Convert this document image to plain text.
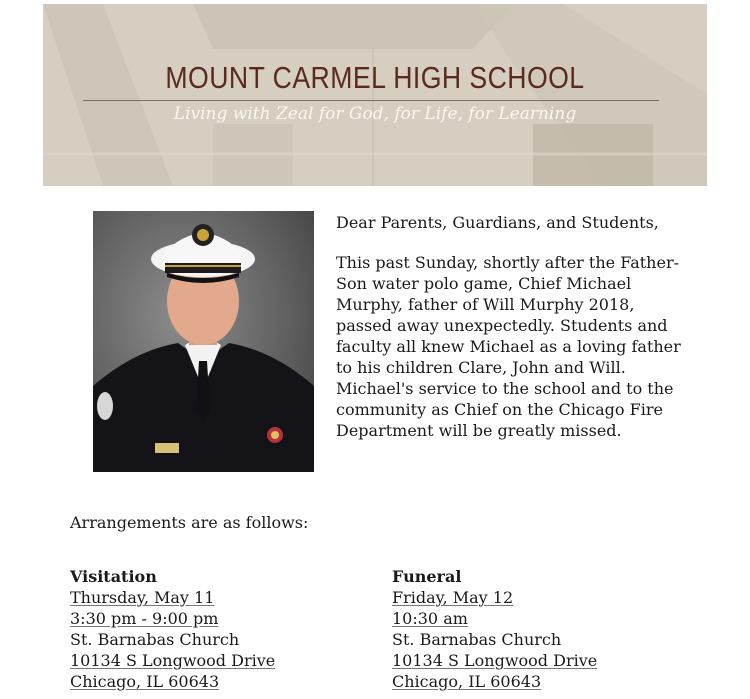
MOUNT CARMEL HIGH SCHOOL
Living with Zeal for God, for Life, for Learning
Dear Parents, Guardians, and Students,

This past Sunday, shortly after the Father-Son water polo game, Chief Michael Murphy, father of Will Murphy 2018, passed away unexpectedly. Students and faculty all knew Michael as a loving father to his children Clare, John and Will. Michael's service to the school and to the community as Chief on the Chicago Fire Department will be greatly missed.

Arrangements are as follows:
Visitation
Thursday, May 11
3:30 pm - 9:00 pm
St. Barnabas Church
10134 S Longwood Drive
Chicago, IL 60643
Funeral
Friday, May 12
10:30 am
St. Barnabas Church
10134 S Longwood Drive
Chicago, IL 60643
